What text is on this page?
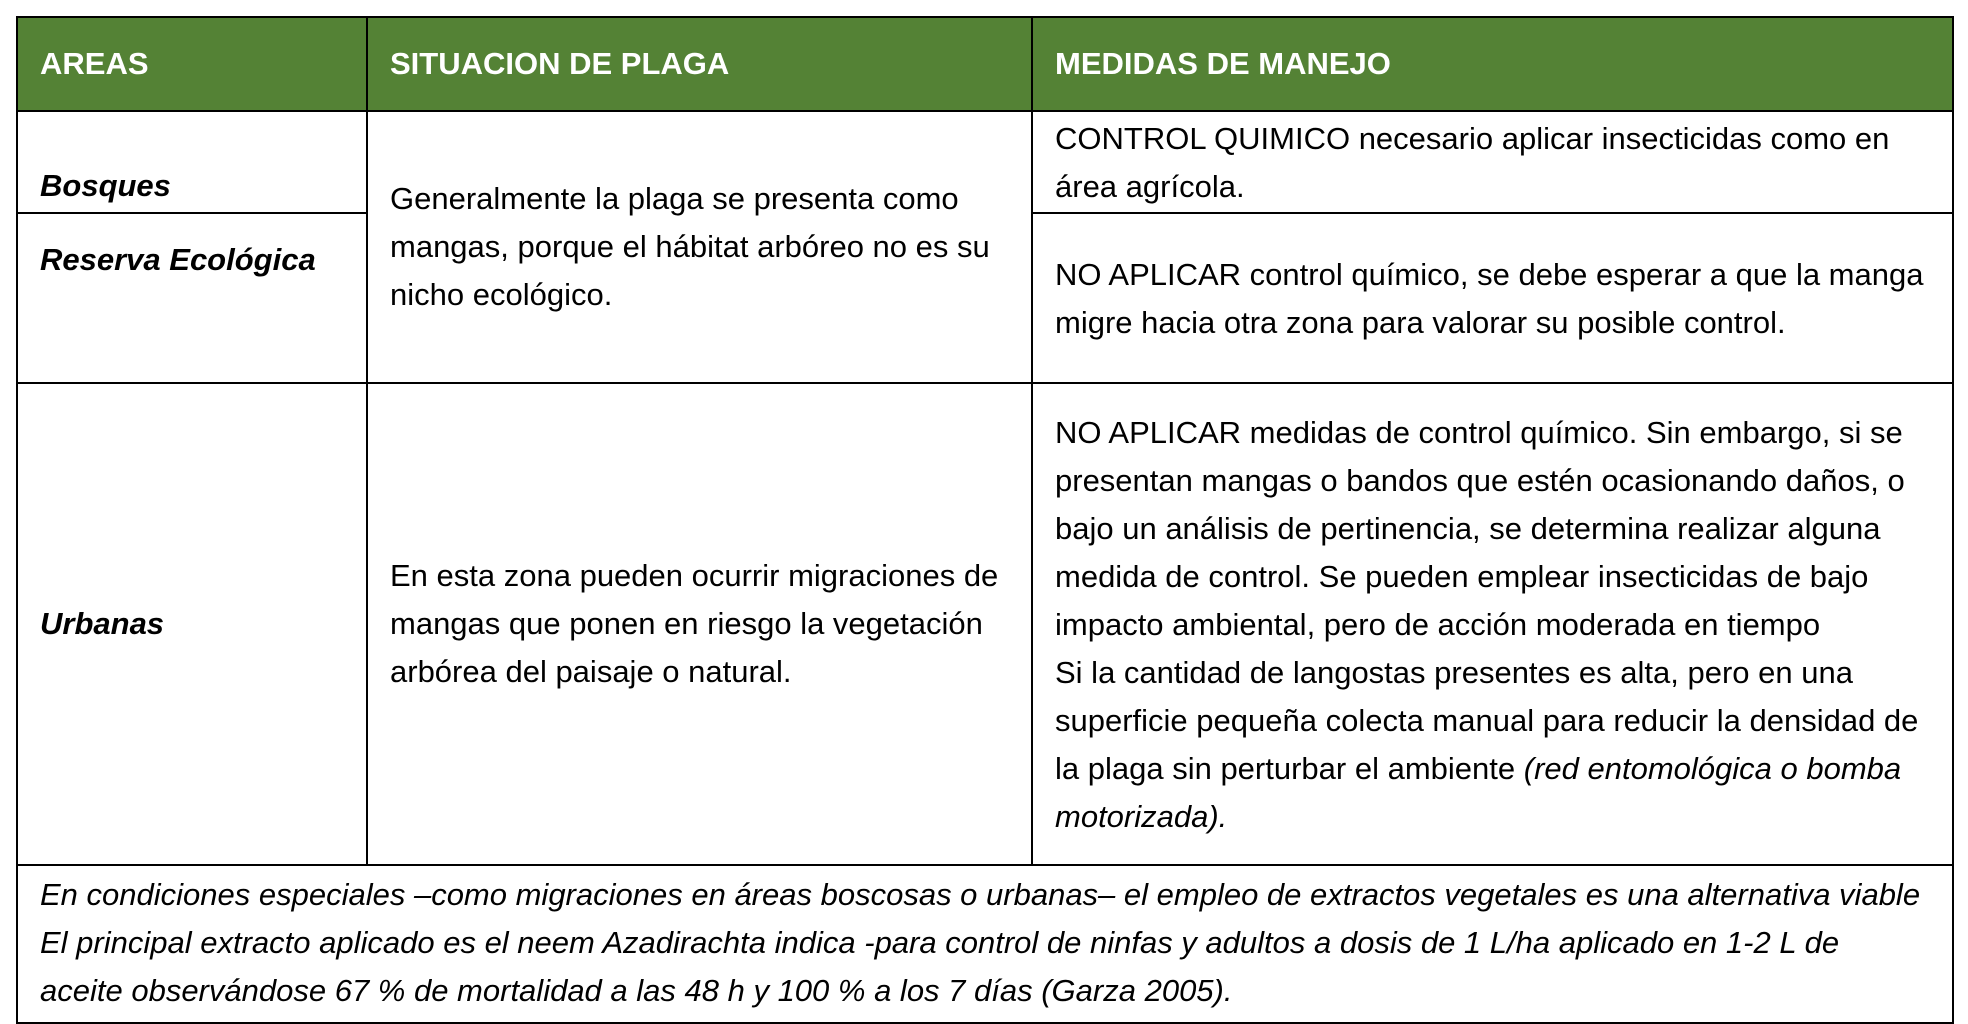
AREAS	SITUACION DE PLAGA	MEDIDAS DE MANEJO
Bosques	Generalmente la plaga se presenta como mangas, porque el hábitat arbóreo no es su nicho ecológico.	CONTROL QUIMICO necesario aplicar insecticidas como en área agrícola.
Reserva Ecológica		NO APLICAR control químico, se debe esperar a que la manga migre hacia otra zona para valorar su posible control.
Urbanas	En esta zona pueden ocurrir migraciones de mangas que ponen en riesgo la vegetación arbórea del paisaje o natural.	NO APLICAR medidas de control químico. Sin embargo, si se presentan mangas o bandos que estén ocasionando daños, o bajo un análisis de pertinencia, se determina realizar alguna medida de control. Se pueden emplear insecticidas de bajo impacto ambiental, pero de acción moderada en tiempo
Si la cantidad de langostas presentes es alta, pero en una superficie pequeña colecta manual para reducir la densidad de la plaga sin perturbar el ambiente (red entomológica o bomba motorizada).
En condiciones especiales –como migraciones en áreas boscosas o urbanas– el empleo de extractos vegetales es una alternativa viable El principal extracto aplicado es el neem Azadirachta indica -para control de ninfas y adultos a dosis de 1 L/ha aplicado en 1-2 L de aceite observándose 67 % de mortalidad a las 48 h y 100 % a los 7 días (Garza 2005).		
